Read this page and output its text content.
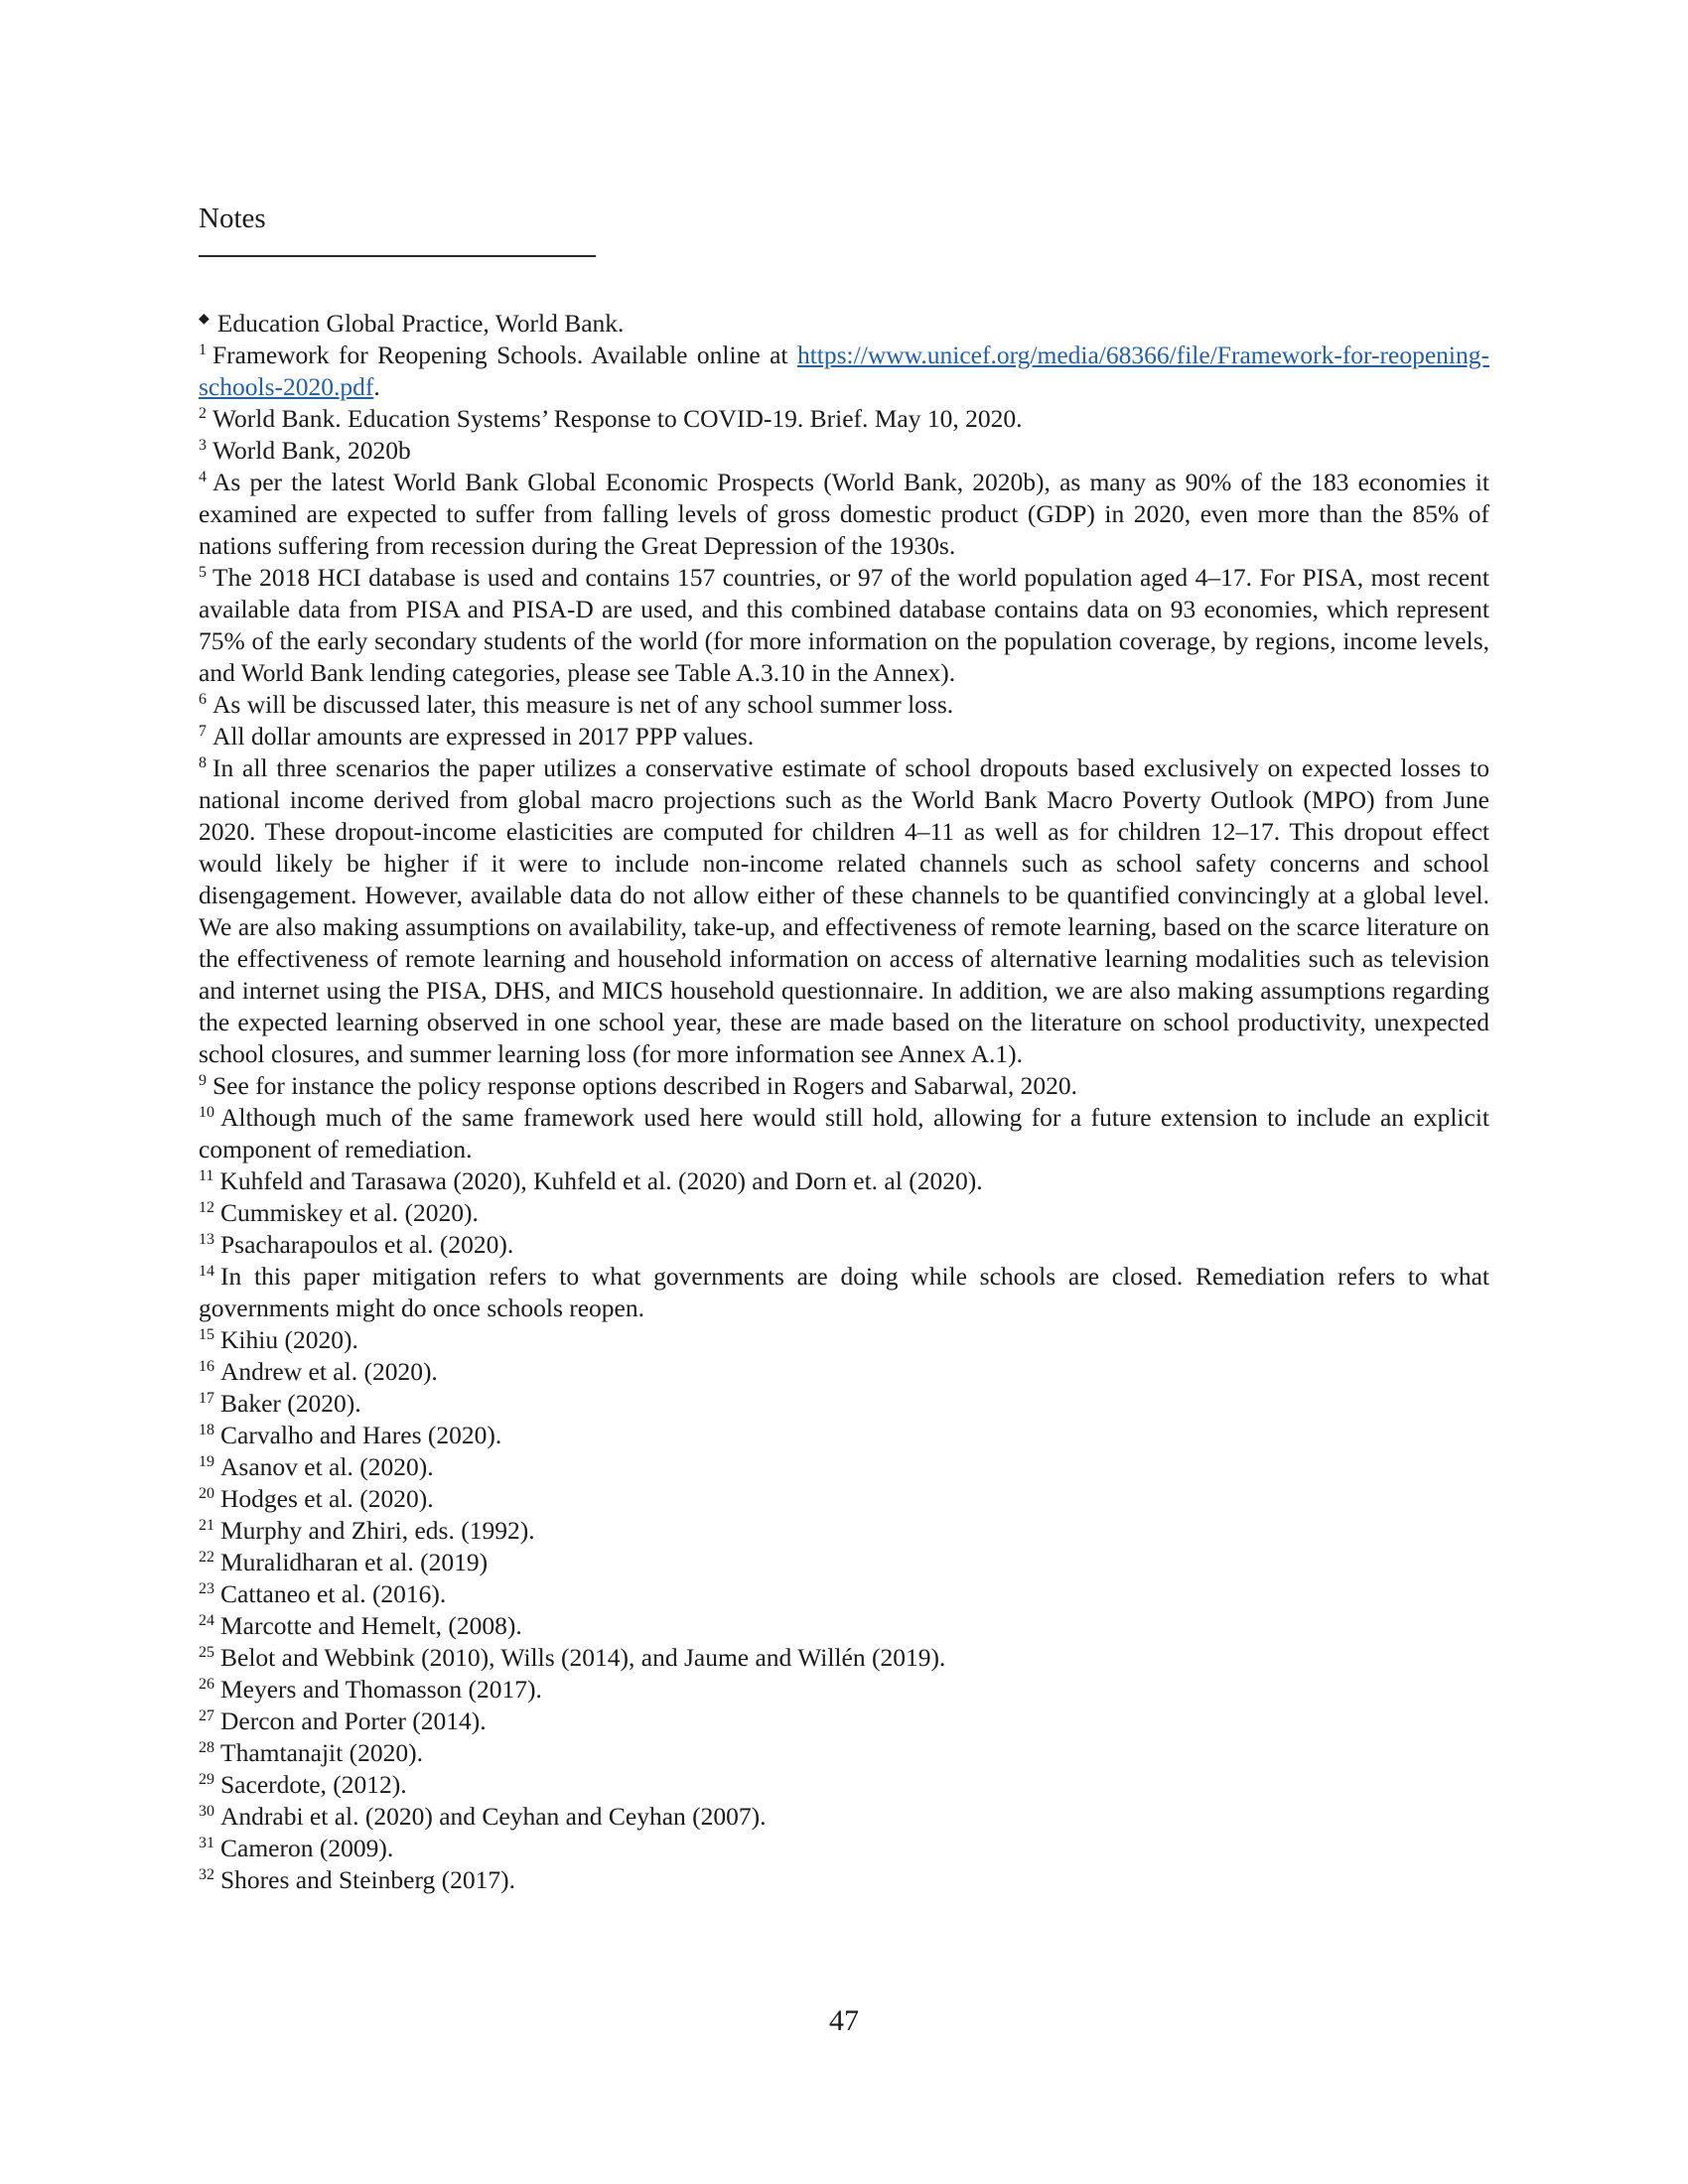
Notes

◆ Education Global Practice, World Bank.

$^1$ Framework for Reopening Schools. Available online at https://www.unicef.org/media/68366/file/Framework-for-reopening-schools-2020.pdf.

$^2$ World Bank. Education Systems’ Response to COVID-19. Brief. May 10, 2020.

$^3$ World Bank, 2020b

$^4$ As per the latest World Bank Global Economic Prospects (World Bank, 2020b), as many as 90% of the 183 economies it examined are expected to suffer from falling levels of gross domestic product (GDP) in 2020, even more than the 85% of nations suffering from recession during the Great Depression of the 1930s.

$^5$ The 2018 HCI database is used and contains 157 countries, or 97 of the world population aged 4–17. For PISA, most recent available data from PISA and PISA-D are used, and this combined database contains data on 93 economies, which represent 75% of the early secondary students of the world (for more information on the population coverage, by regions, income levels, and World Bank lending categories, please see Table A.3.10 in the Annex).

$^6$ As will be discussed later, this measure is net of any school summer loss.

$^7$ All dollar amounts are expressed in 2017 PPP values.

$^8$ In all three scenarios the paper utilizes a conservative estimate of school dropouts based exclusively on expected losses to national income derived from global macro projections such as the World Bank Macro Poverty Outlook (MPO) from June 2020. These dropout-income elasticities are computed for children 4–11 as well as for children 12–17. This dropout effect would likely be higher if it were to include non-income related channels such as school safety concerns and school disengagement. However, available data do not allow either of these channels to be quantified convincingly at a global level. We are also making assumptions on availability, take-up, and effectiveness of remote learning, based on the scarce literature on the effectiveness of remote learning and household information on access of alternative learning modalities such as television and internet using the PISA, DHS, and MICS household questionnaire. In addition, we are also making assumptions regarding the expected learning observed in one school year, these are made based on the literature on school productivity, unexpected school closures, and summer learning loss (for more information see Annex A.1).

$^9$ See for instance the policy response options described in Rogers and Sabarwal, 2020.

$^{10}$ Although much of the same framework used here would still hold, allowing for a future extension to include an explicit component of remediation.

$^{11}$ Kuhfeld and Tarasawa (2020), Kuhfeld et al. (2020) and Dorn et. al (2020).

$^{12}$ Cummiskey et al. (2020).

$^{13}$ Psacharapoulos et al. (2020).

$^{14}$ In this paper mitigation refers to what governments are doing while schools are closed. Remediation refers to what governments might do once schools reopen.

$^{15}$ Kihiu (2020).

$^{16}$ Andrew et al. (2020).

$^{17}$ Baker (2020).

$^{18}$ Carvalho and Hares (2020).

$^{19}$ Asanov et al. (2020).

$^{20}$ Hodges et al. (2020).

$^{21}$ Murphy and Zhiri, eds. (1992).

$^{22}$ Muralidharan et al. (2019)

$^{23}$ Cattaneo et al. (2016).

$^{24}$ Marcotte and Hemelt, (2008).

$^{25}$ Belot and Webbink (2010), Wills (2014), and Jaume and Willén (2019).

$^{26}$ Meyers and Thomasson (2017).

$^{27}$ Dercon and Porter (2014).

$^{28}$ Thamtanajit (2020).

$^{29}$ Sacerdote, (2012).

$^{30}$ Andrabi et al. (2020) and Ceyhan and Ceyhan (2007).

$^{31}$ Cameron (2009).

$^{32}$ Shores and Steinberg (2017).

47
